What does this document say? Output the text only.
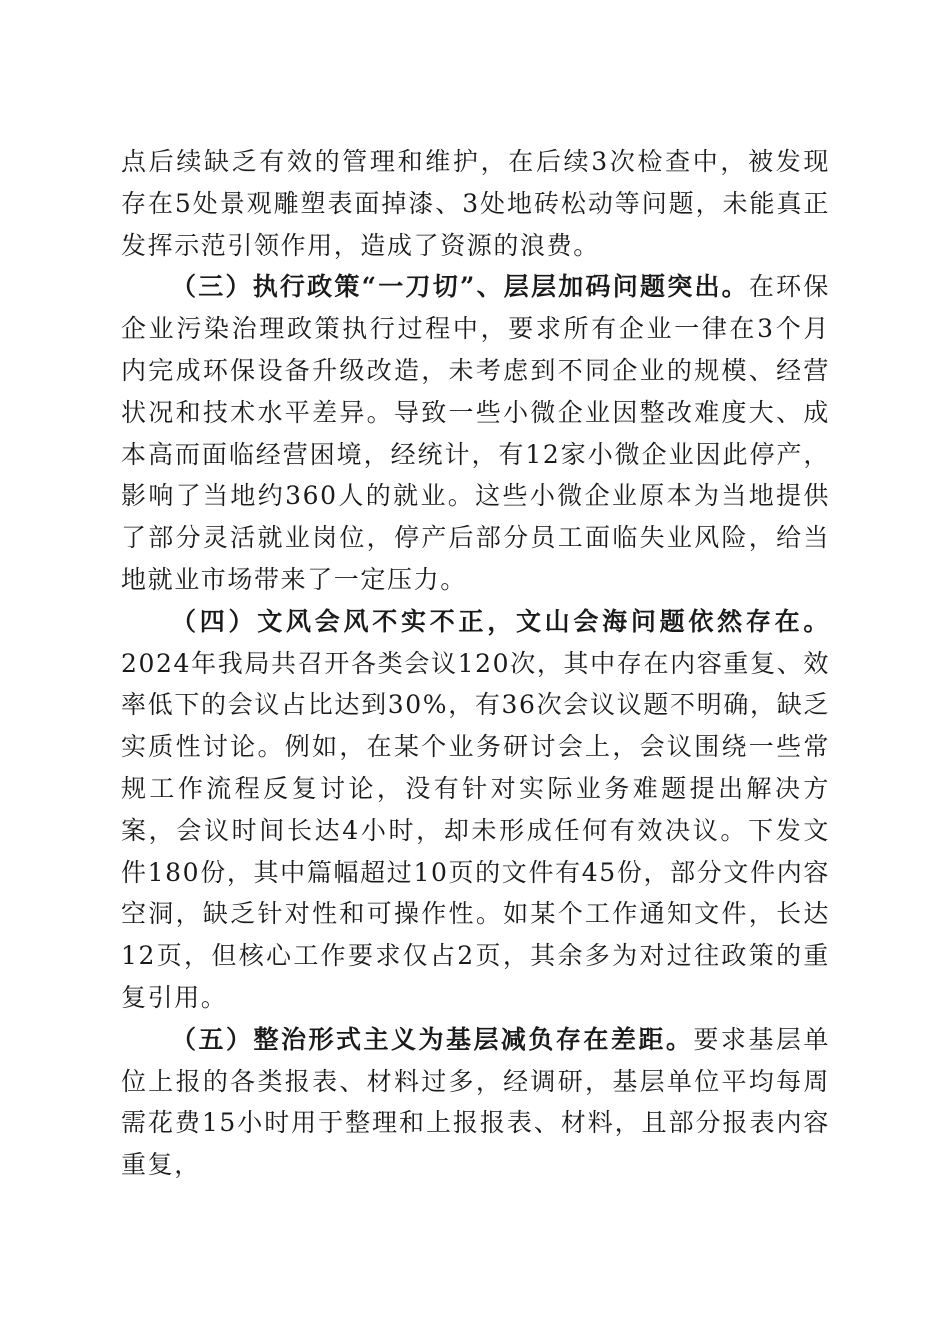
点后续缺乏有效的管理和维护，在后续3次检查中，被发现存在5处景观雕塑表面掉漆、3处地砖松动等问题，未能真正发挥示范引领作用，造成了资源的浪费。

（三）执行政策“一刀切”、层层加码问题突出。在环保企业污染治理政策执行过程中，要求所有企业一律在3个月内完成环保设备升级改造，未考虑到不同企业的规模、经营状况和技术水平差异。导致一些小微企业因整改难度大、成本高而面临经营困境，经统计，有12家小微企业因此停产，影响了当地约360人的就业。这些小微企业原本为当地提供了部分灵活就业岗位，停产后部分员工面临失业风险，给当地就业市场带来了一定压力。

（四）文风会风不实不正，文山会海问题依然存在。2024年我局共召开各类会议120次，其中存在内容重复、效率低下的会议占比达到30%，有36次会议议题不明确，缺乏实质性讨论。例如，在某个业务研讨会上，会议围绕一些常规工作流程反复讨论，没有针对实际业务难题提出解决方案，会议时间长达4小时，却未形成任何有效决议。下发文件180份，其中篇幅超过10页的文件有45份，部分文件内容空洞，缺乏针对性和可操作性。如某个工作通知文件，长达12页，但核心工作要求仅占2页，其余多为对过往政策的重复引用。

（五）整治形式主义为基层减负存在差距。要求基层单位上报的各类报表、材料过多，经调研，基层单位平均每周需花费15小时用于整理和上报报表、材料，且部分报表内容重复，
